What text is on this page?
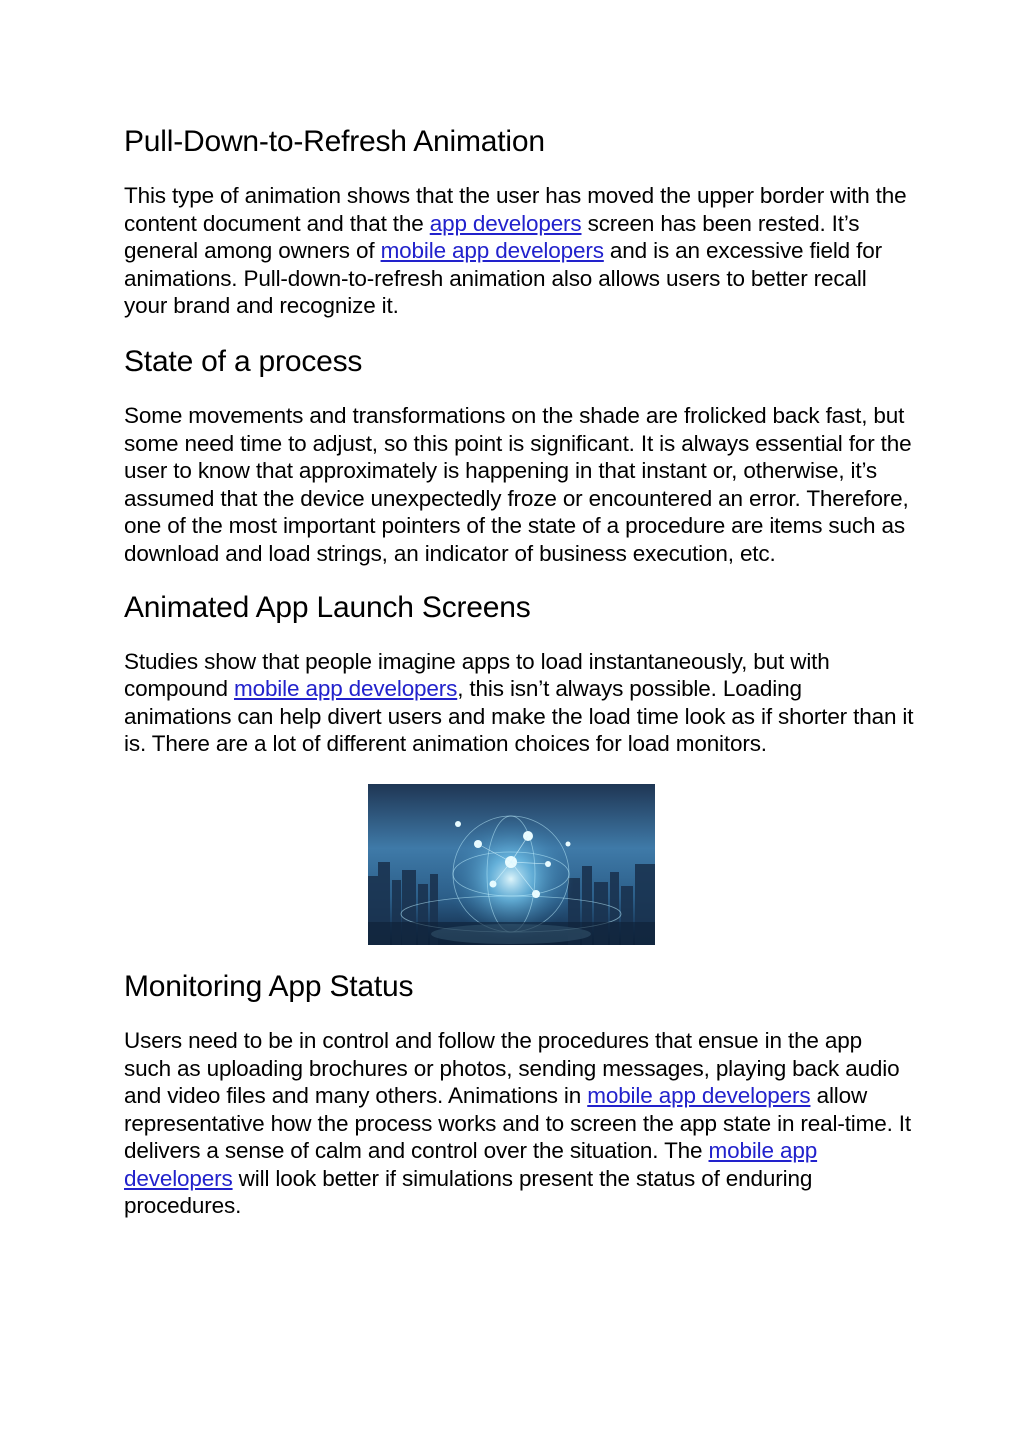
Pull-Down-to-Refresh Animation

This type of animation shows that the user has moved the upper border with the content document and that the app developers screen has been rested. It’s general among owners of mobile app developers and is an excessive field for animations. Pull-down-to-refresh animation also allows users to better recall your brand and recognize it.

State of a process

Some movements and transformations on the shade are frolicked back fast, but some need time to adjust, so this point is significant. It is always essential for the user to know that approximately is happening in that instant or, otherwise, it’s assumed that the device unexpectedly froze or encountered an error. Therefore, one of the most important pointers of the state of a procedure are items such as download and load strings, an indicator of business execution, etc.

Animated App Launch Screens

Studies show that people imagine apps to load instantaneously, but with compound mobile app developers, this isn’t always possible. Loading animations can help divert users and make the load time look as if shorter than it is. There are a lot of different animation choices for load monitors.

Monitoring App Status

Users need to be in control and follow the procedures that ensue in the app such as uploading brochures or photos, sending messages, playing back audio and video files and many others. Animations in mobile app developers allow representative how the process works and to screen the app state in real-time. It delivers a sense of calm and control over the situation. The mobile app developers will look better if simulations present the status of enduring procedures.
